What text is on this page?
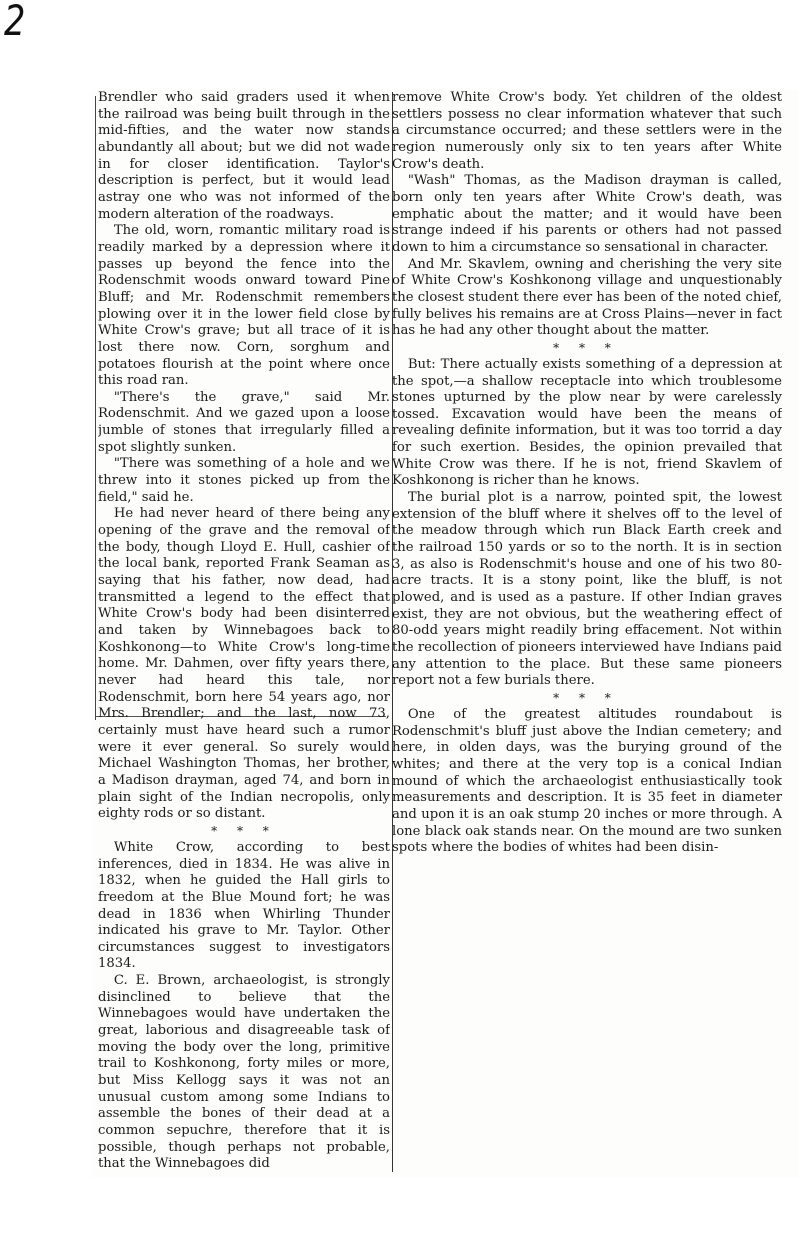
2

Brendler who said graders used it when the railroad was being built through in the mid-fifties, and the water now stands abundantly all about; but we did not wade in for closer identification. Taylor's description is perfect, but it would lead astray one who was not informed of the modern alteration of the roadways.

The old, worn, romantic military road is readily marked by a depression where it passes up beyond the fence into the Rodenschmit woods onward toward Pine Bluff; and Mr. Rodenschmit remembers plowing over it in the lower field close by White Crow's grave; but all trace of it is lost there now. Corn, sorghum and potatoes flourish at the point where once this road ran.

"There's the grave," said Mr. Rodenschmit. And we gazed upon a loose jumble of stones that irregularly filled a spot slightly sunken.

"There was something of a hole and we threw into it stones picked up from the field," said he.

He had never heard of there being any opening of the grave and the removal of the body, though Lloyd E. Hull, cashier of the local bank, reported Frank Seaman as saying that his father, now dead, had transmitted a legend to the effect that White Crow's body had been disinterred and taken by Winnebagoes back to Koshkonong—to White Crow's long-time home. Mr. Dahmen, over fifty years there, never had heard this tale, nor Rodenschmit, born here 54 years ago, nor Mrs. Brendler; and the last, now 73, certainly must have heard such a rumor were it ever general. So surely would Michael Washington Thomas, her brother, a Madison drayman, aged 74, and born in plain sight of the Indian necropolis, only eighty rods or so distant.

* * *

White Crow, according to best inferences, died in 1834. He was alive in 1832, when he guided the Hall girls to freedom at the Blue Mound fort; he was dead in 1836 when Whirling Thunder indicated his grave to Mr. Taylor. Other circumstances suggest to investigators 1834.

C. E. Brown, archaeologist, is strongly disinclined to believe that the Winnebagoes would have undertaken the great, laborious and disagreeable task of moving the body over the long, primitive trail to Koshkonong, forty miles or more, but Miss Kellogg says it was not an unusual custom among some Indians to assemble the bones of their dead at a common sepuchre, therefore that it is possible, though perhaps not probable, that the Winnebagoes did

remove White Crow's body. Yet children of the oldest settlers possess no clear information whatever that such a circumstance occurred; and these settlers were in the region numerously only six to ten years after White Crow's death.

"Wash" Thomas, as the Madison drayman is called, born only ten years after White Crow's death, was emphatic about the matter; and it would have been strange indeed if his parents or others had not passed down to him a circumstance so sensational in character.

And Mr. Skavlem, owning and cherishing the very site of White Crow's Koshkonong village and unquestionably the closest student there ever has been of the noted chief, fully belives his remains are at Cross Plains—never in fact has he had any other thought about the matter.

* * *

But: There actually exists something of a depression at the spot,—a shallow receptacle into which troublesome stones upturned by the plow near by were carelessly tossed. Excavation would have been the means of revealing definite information, but it was too torrid a day for such exertion. Besides, the opinion prevailed that White Crow was there. If he is not, friend Skavlem of Koshkonong is richer than he knows.

The burial plot is a narrow, pointed spit, the lowest extension of the bluff where it shelves off to the level of the meadow through which run Black Earth creek and the railroad 150 yards or so to the north. It is in section 3, as also is Rodenschmit's house and one of his two 80-acre tracts. It is a stony point, like the bluff, is not plowed, and is used as a pasture. If other Indian graves exist, they are not obvious, but the weathering effect of 80-odd years might readily bring effacement. Not within the recollection of pioneers interviewed have Indians paid any attention to the place. But these same pioneers report not a few burials there.

* * *

One of the greatest altitudes roundabout is Rodenschmit's bluff just above the Indian cemetery; and here, in olden days, was the burying ground of the whites; and there at the very top is a conical Indian mound of which the archaeologist enthusiastically took measurements and description. It is 35 feet in diameter and upon it is an oak stump 20 inches or more through. A lone black oak stands near. On the mound are two sunken spots where the bodies of whites had been disin-
